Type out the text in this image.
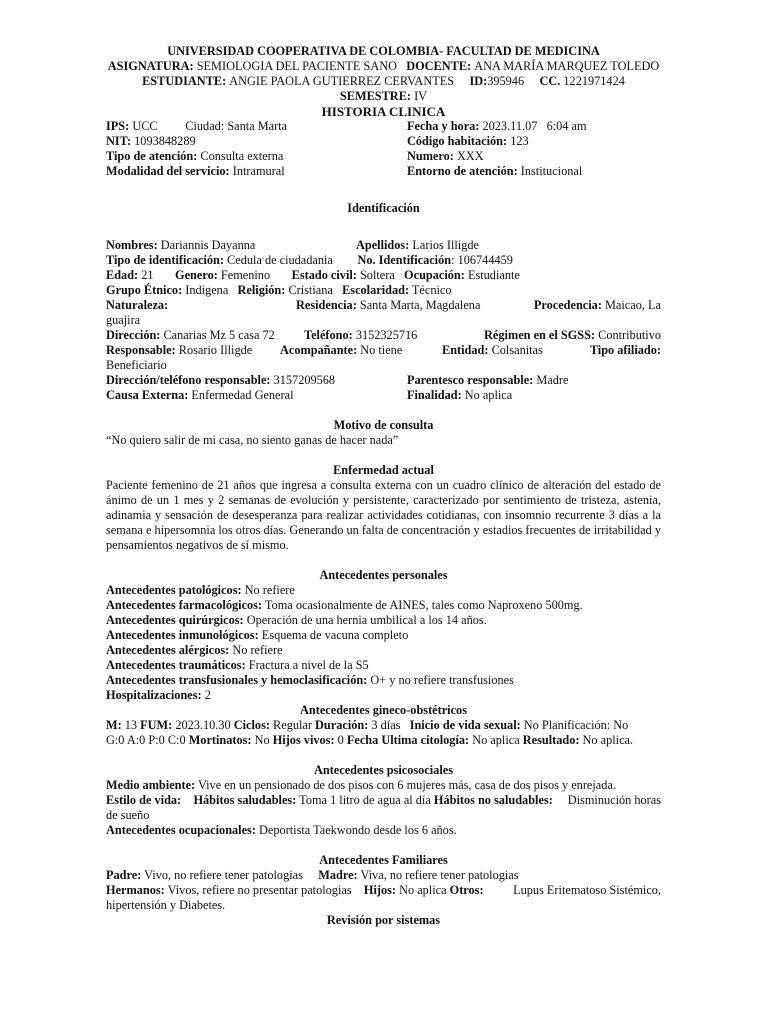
UNIVERSIDAD COOPERATIVA DE COLOMBIA- FACULTAD DE MEDICINA
ASIGNATURA: SEMIOLOGIA DEL PACIENTE SANO DOCENTE: ANA MARÍA MARQUEZ TOLEDO
ESTUDIANTE: ANGIE PAOLA GUTIERREZ CERVANTES ID:395946 CC. 1221971424
SEMESTRE: IV
HISTORIA CLINICA
IPS: UCC Ciudad: Santa Marta	Fecha y hora: 2023.11.07   6:04 am
NIT: 1093848289	Código habitación: 123
Tipo de atención: Consulta externa	Numero: XXX
Modalidad del servicio: Intramural	Entorno de atención: Institucional
Identificación
Nombres: Dariannis Dayanna	Apellidos: Larios Illigde
Tipo de identificación: Cedula de ciudadania No. Identificación: 106744459
Edad: 21 Genero: Femenino Estado civil: Soltera Ocupación: Estudiante
Grupo Étnico: Indigena Religión: Cristiana Escolaridad: Técnico
Naturaleza:	Residencia: Santa Marta, Magdalena	Procedencia: Maicao, La
guajira
Dirección: Canarias Mz 5 casa 72 Teléfono: 3152325716	Régimen en el SGSS: Contributivo
Responsable: Rosario Illigde Acompañante: No tiene	Entidad: Colsanitas	Tipo afiliado:
Beneficiario
Dirección/teléfono responsable: 3157209568	Parentesco responsable: Madre
Causa Externa: Enfermedad General	Finalidad: No aplica
Motivo de consulta
“No quiero salir de mi casa, no siento ganas de hacer nada”
Enfermedad actual
Paciente femenino de 21 años que ingresa a consulta externa con un cuadro clínico de alteración del estado de ánimo de un 1 mes y 2 semanas de evolución y persistente, caracterizado por sentimiento de tristeza, astenia, adinamia y sensación de desesperanza para realizar actividades cotidianas, con insomnio recurrente 3 días a la semana e hipersomnia los otros días. Generando un falta de concentración y estadios frecuentes de irritabilidad y pensamientos negativos de sí mismo.
Antecedentes personales
Antecedentes patológicos: No refiere
Antecedentes farmacológicos: Toma ocasionalmente de AINES, tales como Naproxeno 500mg.
Antecedentes quirúrgicos: Operación de una hernia umbilical a los 14 años.
Antecedentes inmunológicos: Esquema de vacuna completo
Antecedentes alérgicos: No refiere
Antecedentes traumáticos: Fractura a nivel de la S5
Antecedentes transfusionales y hemoclasificación: O+ y no refiere transfusiones
Hospitalizaciones: 2
Antecedentes gineco-obstétricos
M: 13 FUM: 2023.10.30 Ciclos: Regular Duración: 3 días Inicio de vida sexual: No Planificación: No
G:0 A:0 P:0 C:0 Mortinatos: No Hijos vivos: 0 Fecha Ultima citología: No aplica Resultado: No aplica.
Antecedentes psicosociales
Medio ambiente: Vive en un pensionado de dos pisos con 6 mujeres más, casa de dos pisos y enrejada.
Estilo de vida: Hábitos saludables: Toma 1 litro de agua al día Hábitos no saludables: Disminución horas
de sueño
Antecedentes ocupacionales: Deportista Taekwondo desde los 6 años.
Antecedentes Familiares
Padre: Vivo, no refiere tener patologias Madre: Viva, no refiere tener patologias
Hermanos: Vivos, refiere no presentar patologias Hijos: No aplica Otros: Lupus Eritematoso Sistémico,
hipertensión y Diabetes.
Revisión por sistemas
